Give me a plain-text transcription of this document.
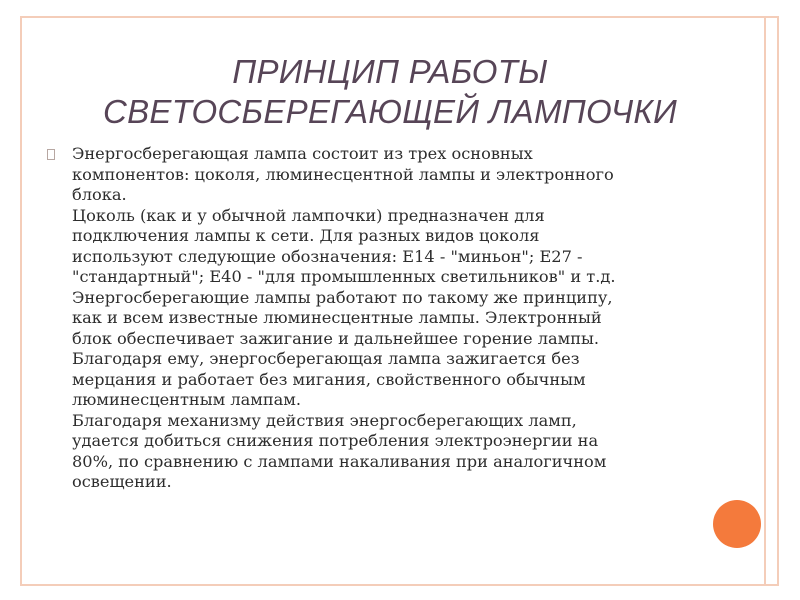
ПРИНЦИП РАБОТЫ
СВЕТОСБЕРЕГАЮЩЕЙ ЛАМПОЧКИ

Энергосберегающая лампа состоит из трех основных
компонентов: цоколя, люминесцентной лампы и электронного
блока.

Цоколь (как и у обычной лампочки) предназначен для
подключения лампы к сети. Для разных видов цоколя
используют следующие обозначения: Е14 - "миньон"; Е27 -
"стандартный"; Е40 - "для промышленных светильников" и т.д.

Энергосберегающие лампы работают по такому же принципу,
как и всем известные люминесцентные лампы. Электронный
блок обеспечивает зажигание и дальнейшее горение лампы.

Благодаря ему, энергосберегающая лампа зажигается без
мерцания и работает без мигания, свойственного обычным
люминесцентным лампам.

Благодаря механизму действия энергосберегающих ламп,
удается добиться снижения потребления электроэнергии на
80%, по сравнению с лампами накаливания при аналогичном
освещении.
